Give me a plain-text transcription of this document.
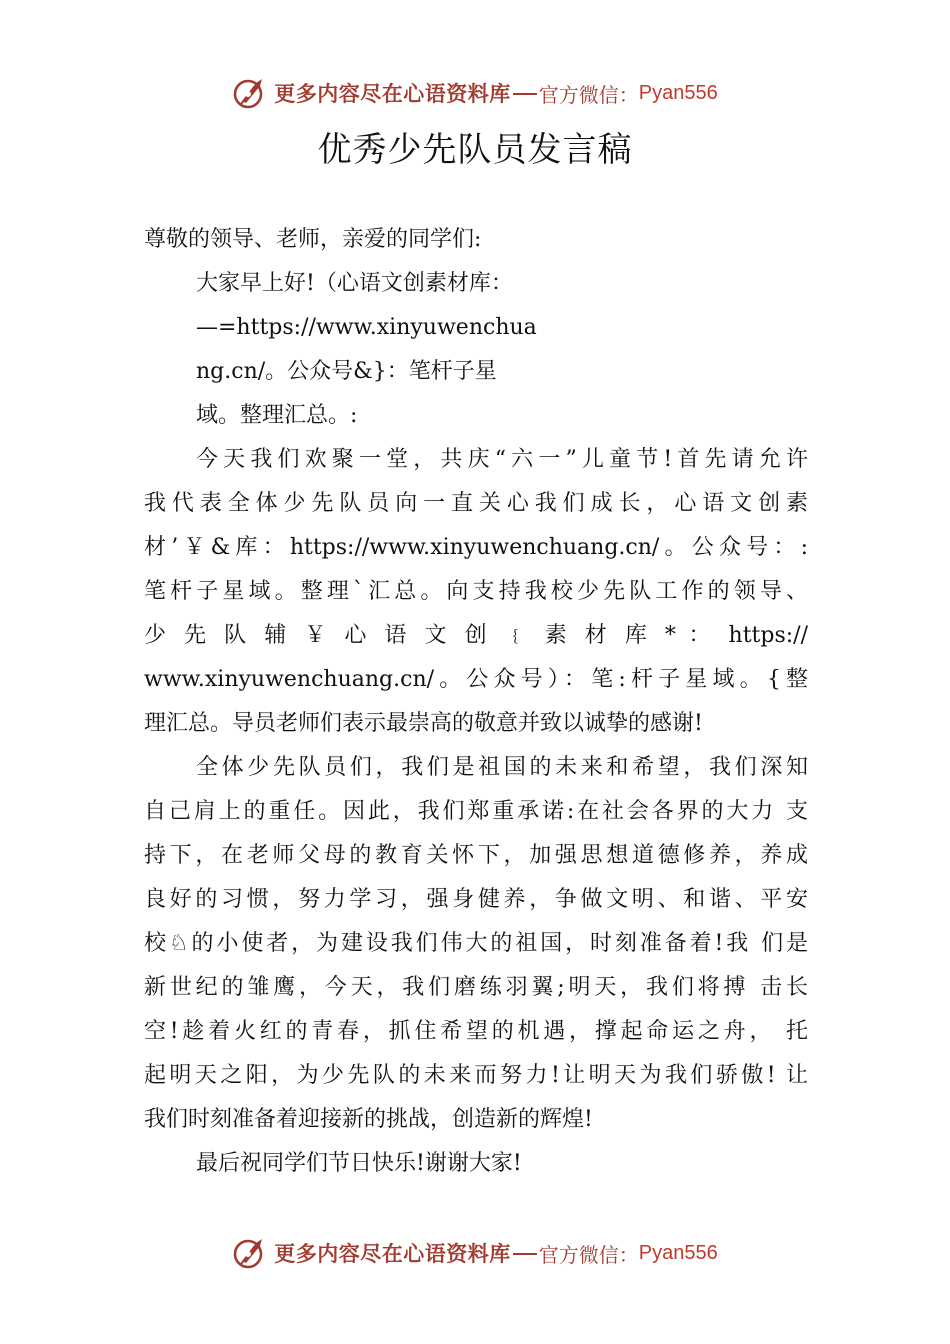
更多内容尽在心语资料库 官方微信： Pyan556
优秀少先队员发言稿
尊敬的领导、老师，亲爱的同学们:
大家早上好!（心语文创素材库：
—=https://www.xinyuwenchua
ng.cn/。公众号&}：笔杆子星
域。整理汇总。:
今天我们欢聚一堂，共庆“六一”儿童节!首先请允许
我代表全体少先队员向一直关心我们成长，心语文创素
材’￥&库：https://www.xinyuwenchuang.cn/。公众号：:
笔杆子星域。整理`汇总。向支持我校少先队工作的领导、
少 先 队 辅 ￥ 心 语 文 创 ﹛ 素 材 库 * ： https://
www.xinyuwenchuang.cn/。公众号）：笔:杆子星域。{整
理汇总。导员老师们表示最崇高的敬意并致以诚挚的感谢!
全体少先队员们，我们是祖国的未来和希望，我们深知
自己肩上的重任。因此，我们郑重承诺:在社会各界的大力 支
持下，在老师父母的教育关怀下，加强思想道德修养，养成
良好的习惯，努力学习，强身健养，争做文明、和谐、平安
校♘的小使者，为建设我们伟大的祖国，时刻准备着!我 们是
新世纪的雏鹰，今天，我们磨练羽翼;明天，我们将搏 击长
空!趁着火红的青春，抓住希望的机遇，撑起命运之舟， 托
起明天之阳，为少先队的未来而努力!让明天为我们骄傲! 让
我们时刻准备着迎接新的挑战，创造新的辉煌!
最后祝同学们节日快乐!谢谢大家!
更多内容尽在心语资料库 官方微信： Pyan556
